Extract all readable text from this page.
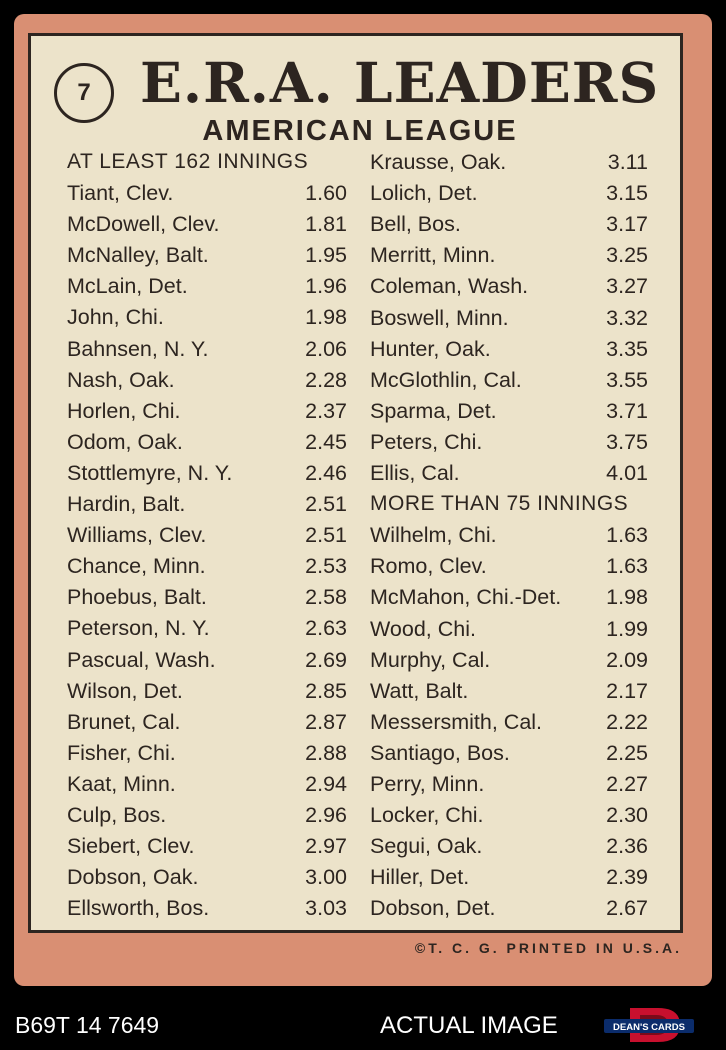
7 E.R.A. LEADERS
AMERICAN LEAGUE
AT LEAST 162 INNINGS
Tiant, Clev.	1.60
McDowell, Clev.	1.81
McNalley, Balt.	1.95
McLain, Det.	1.96
John, Chi.	1.98
Bahnsen, N. Y.	2.06
Nash, Oak.	2.28
Horlen, Chi.	2.37
Odom, Oak.	2.45
Stottlemyre, N. Y.	2.46
Hardin, Balt.	2.51
Williams, Clev.	2.51
Chance, Minn.	2.53
Phoebus, Balt.	2.58
Peterson, N. Y.	2.63
Pascual, Wash.	2.69
Wilson, Det.	2.85
Brunet, Cal.	2.87
Fisher, Chi.	2.88
Kaat, Minn.	2.94
Culp, Bos.	2.96
Siebert, Clev.	2.97
Dobson, Oak.	3.00
Ellsworth, Bos.	3.03
Krausse, Oak.	3.11
Lolich, Det.	3.15
Bell, Bos.	3.17
Merritt, Minn.	3.25
Coleman, Wash.	3.27
Boswell, Minn.	3.32
Hunter, Oak.	3.35
McGlothlin, Cal.	3.55
Sparma, Det.	3.71
Peters, Chi.	3.75
Ellis, Cal.	4.01
Wilhelm, Chi.	1.63
Romo, Clev.	1.63
McMahon, Chi.-Det. 1.98
Wood, Chi.	1.99
Murphy, Cal.	2.09
Watt, Balt.	2.17
Messersmith, Cal.	2.22
Santiago, Bos.	2.25
Perry, Minn.	2.27
Locker, Chi.	2.30
Segui, Oak.	2.36
Hiller, Det.	2.39
Dobson, Det.	2.67
MORE THAN 75 INNINGS
©T. C. G. PRINTED IN U.S.A.
B69T 14 7649	ACTUAL IMAGE	DEAN'S CARDS
